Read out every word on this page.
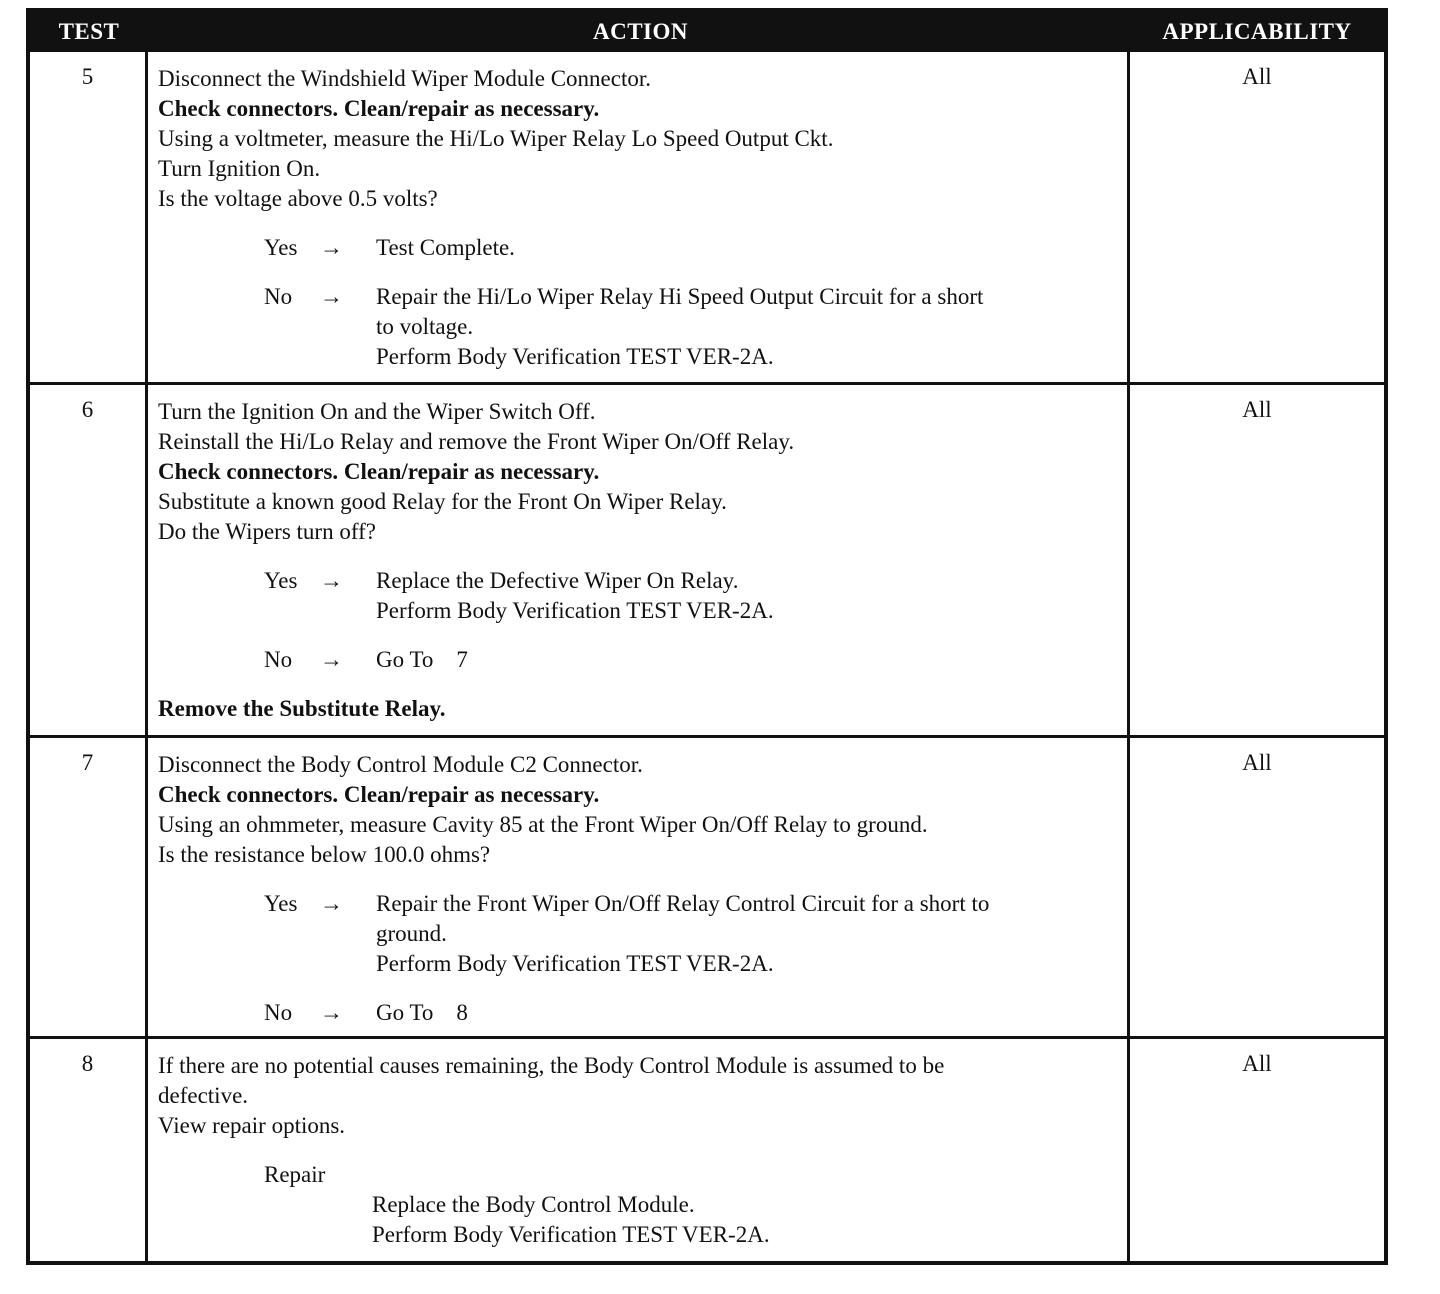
TEST	ACTION	APPLICABILITY
5	Disconnect the Windshield Wiper Module Connector.
Check connectors. Clean/repair as necessary.
Using a voltmeter, measure the Hi/Lo Wiper Relay Lo Speed Output Ckt.
Turn Ignition On.
Is the voltage above 0.5 volts?
Yes →	Test Complete.
No	→	Repair the Hi/Lo Wiper Relay Hi Speed Output Circuit for a short
to voltage.
Perform Body Verification TEST VER-2A.
All
6	Turn the Ignition On and the Wiper Switch Off.
Reinstall the Hi/Lo Relay and remove the Front Wiper On/Off Relay.
Check connectors. Clean/repair as necessary.
Substitute a known good Relay for the Front On Wiper Relay.
Do the Wipers turn off?
Yes →	Replace the Defective Wiper On Relay.
Perform Body Verification TEST VER-2A.
No	→	Go To    7
Remove the Substitute Relay.
All
7	Disconnect the Body Control Module C2 Connector.
Check connectors. Clean/repair as necessary.
Using an ohmmeter, measure Cavity 85 at the Front Wiper On/Off Relay to ground.
Is the resistance below 100.0 ohms?
Yes →	Repair the Front Wiper On/Off Relay Control Circuit for a short to
ground.
Perform Body Verification TEST VER-2A.
No	→	Go To    8
All
8	If there are no potential causes remaining, the Body Control Module is assumed to be
defective.
View repair options.
Repair
Replace the Body Control Module.
Perform Body Verification TEST VER-2A.
All
